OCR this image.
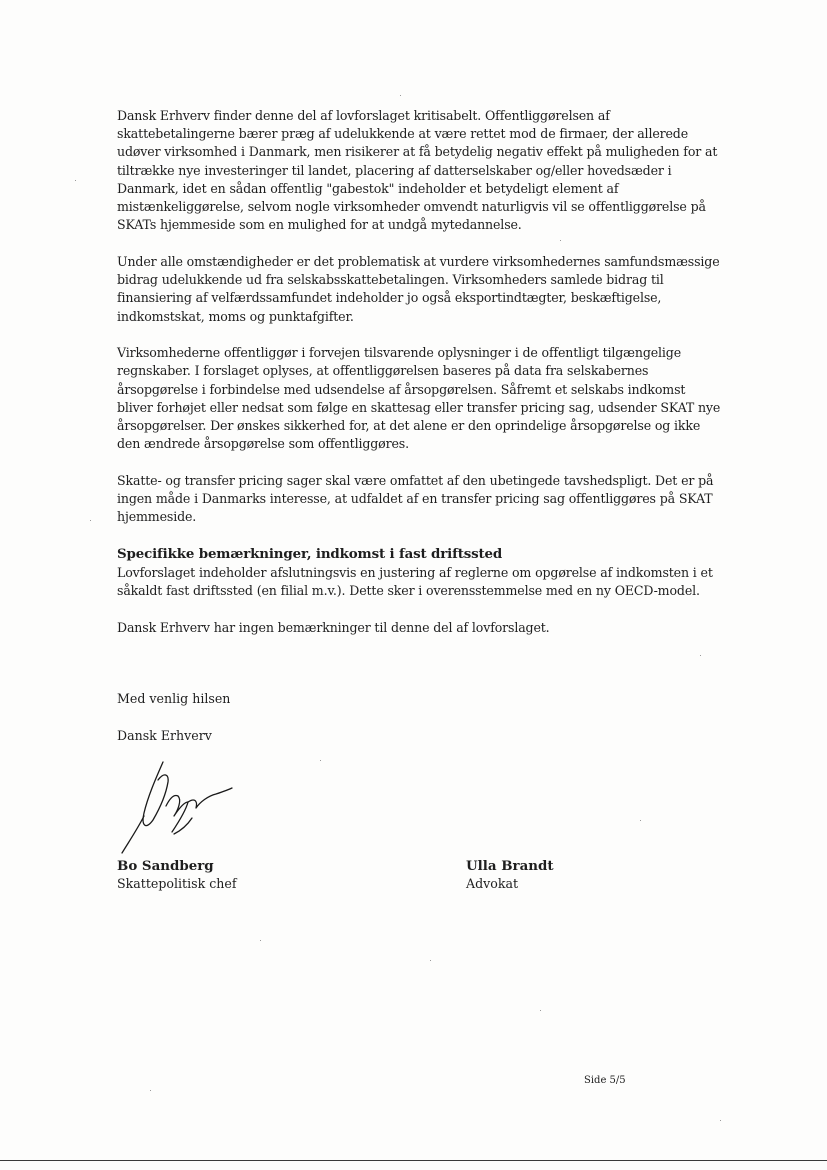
Dansk Erhverv finder denne del af lovforslaget kritisabelt. Offentliggørelsen af skattebetalingerne bærer præg af udelukkende at være rettet mod de firmaer, der allerede udøver virksomhed i Danmark, men risikerer at få betydelig negativ effekt på muligheden for at tiltrække nye investeringer til landet, placering af datterselskaber og/eller hovedsæder i Danmark, idet en sådan offentlig "gabestok" indeholder et betydeligt element af mistænkeliggørelse, selvom nogle virksomheder omvendt naturligvis vil se offentliggørelse på SKATs hjemmeside som en mulighed for at undgå mytedannelse.

Under alle omstændigheder er det problematisk at vurdere virksomhedernes samfundsmæssige bidrag udelukkende ud fra selskabsskattebetalingen. Virksomheders samlede bidrag til finansiering af velfærdssamfundet indeholder jo også eksportindtægter, beskæftigelse, indkomstskat, moms og punktafgifter.

Virksomhederne offentliggør i forvejen tilsvarende oplysninger i de offentligt tilgængelige regnskaber. I forslaget oplyses, at offentliggørelsen baseres på data fra selskabernes årsopgørelse i forbindelse med udsendelse af årsopgørelsen. Såfremt et selskabs indkomst bliver forhøjet eller nedsat som følge en skattesag eller transfer pricing sag, udsender SKAT nye årsopgørelser. Der ønskes sikkerhed for, at det alene er den oprindelige årsopgørelse og ikke den ændrede årsopgørelse som offentliggøres.

Skatte- og transfer pricing sager skal være omfattet af den ubetingede tavshedspligt. Det er på ingen måde i Danmarks interesse, at udfaldet af en transfer pricing sag offentliggøres på SKAT hjemmeside.

Specifikke bemærkninger, indkomst i fast driftssted

Lovforslaget indeholder afslutningsvis en justering af reglerne om opgørelse af indkomsten i et såkaldt fast driftssted (en filial m.v.). Dette sker i overensstemmelse med en ny OECD-model.

Dansk Erhverv har ingen bemærkninger til denne del af lovforslaget.

Med venlig hilsen
Dansk Erhverv
Bo Sandberg
Skattepolitisk chef
Ulla Brandt
Advokat
Side 5/5
